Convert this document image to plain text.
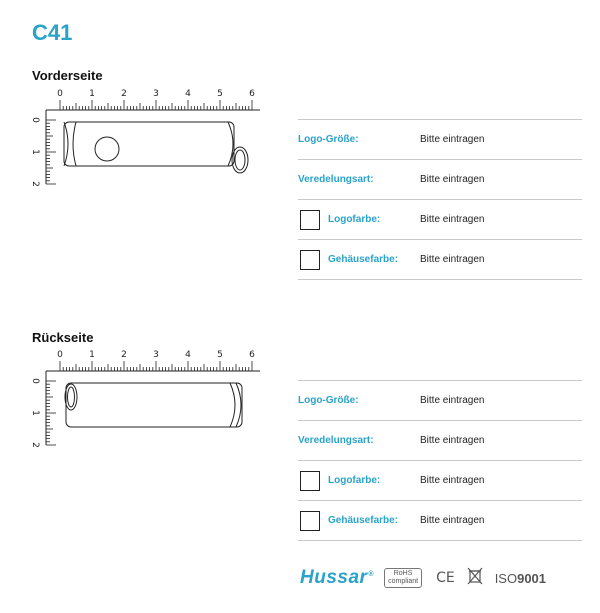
C41
Vorderseite
0	1	2	3	4	5	6
0
1
2
Logo-Größe:	Bitte eintragen
Veredelungsart:	Bitte eintragen
Logofarbe:	Bitte eintragen
Gehäusefarbe:	Bitte eintragen
Rückseite
0	1	2	3	4	5	6
0
1
2
Logo-Größe:	Bitte eintragen
Veredelungsart:	Bitte eintragen
Logofarbe:	Bitte eintragen
Gehäusefarbe:	Bitte eintragen
Hussar®	RoHS
compliant CE	ISO9001
